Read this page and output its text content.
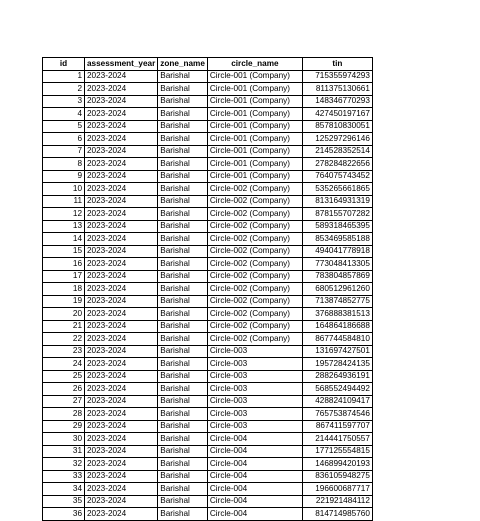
id	assessment_year	zone_name	circle_name	tin
1	2023-2024	Barishal	Circle-001 (Company)	715355974293
2	2023-2024	Barishal	Circle-001 (Company)	811375130661
3	2023-2024	Barishal	Circle-001 (Company)	148346770293
4	2023-2024	Barishal	Circle-001 (Company)	427450197167
5	2023-2024	Barishal	Circle-001 (Company)	857810830051
6	2023-2024	Barishal	Circle-001 (Company)	125297296146
7	2023-2024	Barishal	Circle-001 (Company)	214528352514
8	2023-2024	Barishal	Circle-001 (Company)	278284822656
9	2023-2024	Barishal	Circle-001 (Company)	764075743452
10	2023-2024	Barishal	Circle-002 (Company)	535265661865
11	2023-2024	Barishal	Circle-002 (Company)	813164931319
12	2023-2024	Barishal	Circle-002 (Company)	878155707282
13	2023-2024	Barishal	Circle-002 (Company)	589318465395
14	2023-2024	Barishal	Circle-002 (Company)	853469585188
15	2023-2024	Barishal	Circle-002 (Company)	494041778918
16	2023-2024	Barishal	Circle-002 (Company)	773048413305
17	2023-2024	Barishal	Circle-002 (Company)	783804857869
18	2023-2024	Barishal	Circle-002 (Company)	680512961260
19	2023-2024	Barishal	Circle-002 (Company)	713874852775
20	2023-2024	Barishal	Circle-002 (Company)	376888381513
21	2023-2024	Barishal	Circle-002 (Company)	164864186688
22	2023-2024	Barishal	Circle-002 (Company)	867744584810
23	2023-2024	Barishal	Circle-003	131697427501
24	2023-2024	Barishal	Circle-003	195728424135
25	2023-2024	Barishal	Circle-003	288264936191
26	2023-2024	Barishal	Circle-003	568552494492
27	2023-2024	Barishal	Circle-003	428824109417
28	2023-2024	Barishal	Circle-003	765753874546
29	2023-2024	Barishal	Circle-003	867411597707
30	2023-2024	Barishal	Circle-004	214441750557
31	2023-2024	Barishal	Circle-004	177125554815
32	2023-2024	Barishal	Circle-004	146899420193
33	2023-2024	Barishal	Circle-004	836105948275
34	2023-2024	Barishal	Circle-004	196600687717
35	2023-2024	Barishal	Circle-004	221921484112
36	2023-2024	Barishal	Circle-004	814714985760
